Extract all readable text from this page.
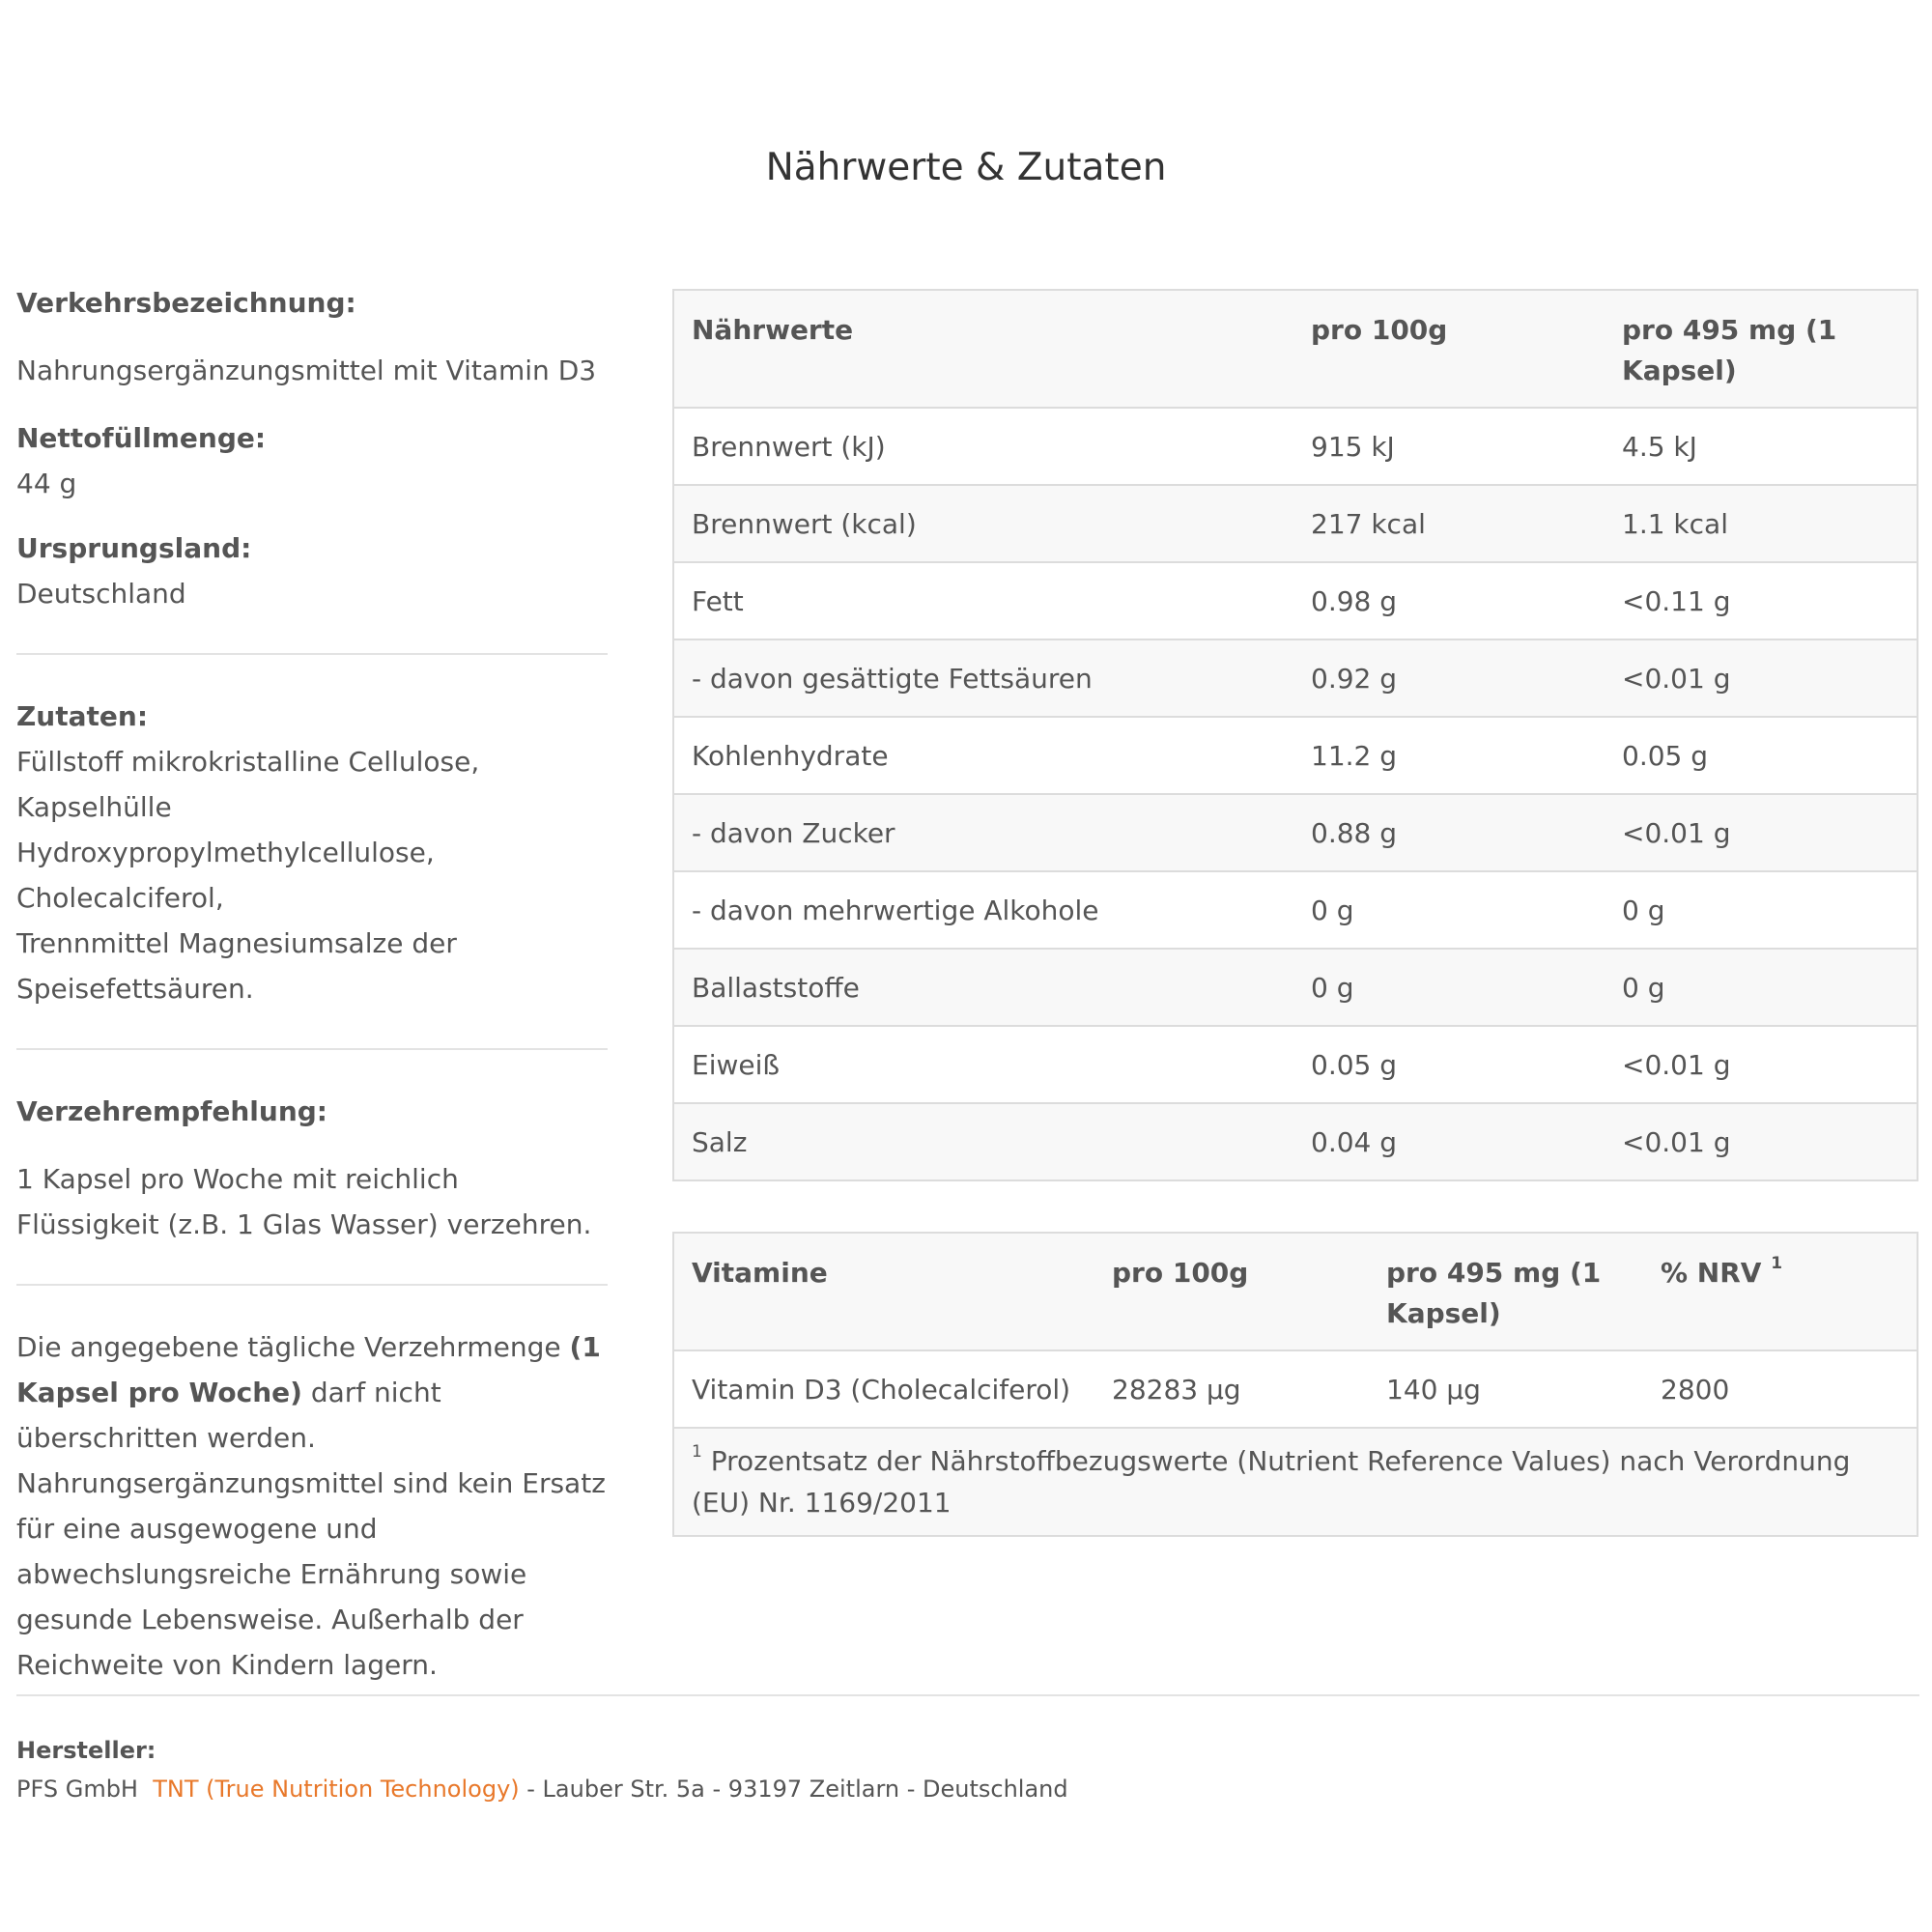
Nährwerte & Zutaten
Verkehrsbezeichnung:
Nahrungsergänzungsmittel mit Vitamin D3
Nettofüllmenge:
44 g
Ursprungsland:
Deutschland
Zutaten:
Füllstoff mikrokristalline Cellulose,
Kapselhülle
Hydroxypropylmethylcellulose,
Cholecalciferol,
Trennmittel Magnesiumsalze der
Speisefettsäuren.
Verzehrempfehlung:
1 Kapsel pro Woche mit reichlich Flüssigkeit (z.B. 1 Glas Wasser) verzehren.
Die angegebene tägliche Verzehrmenge (1 Kapsel pro Woche) darf nicht überschritten werden. Nahrungsergänzungsmittel sind kein Ersatz für eine ausgewogene und abwechslungsreiche Ernährung sowie gesunde Lebensweise. Außerhalb der Reichweite von Kindern lagern.
Nährwerte	pro 100g	pro 495 mg (1 Kapsel)
Brennwert (kJ)	915 kJ	4.5 kJ
Brennwert (kcal)	217 kcal	1.1 kcal
Fett	0.98 g	<0.11 g
- davon gesättigte Fettsäuren	0.92 g	<0.01 g
Kohlenhydrate	11.2 g	0.05 g
- davon Zucker	0.88 g	<0.01 g
- davon mehrwertige Alkohole	0 g	0 g
Ballaststoffe	0 g	0 g
Eiweiß	0.05 g	<0.01 g
Salz	0.04 g	<0.01 g
Vitamine	pro 100g	pro 495 mg (1 Kapsel)	% NRV $^1$
Vitamin D3 (Cholecalciferol)	28283 µg	140 µg	2800
$^1$ Prozentsatz der Nährstoffbezugswerte (Nutrient Reference Values) nach Verordnung (EU) Nr. 1169/2011			
Hersteller:
PFS GmbH TNT (True Nutrition Technology) - Lauber Str. 5a - 93197 Zeitlarn - Deutschland
